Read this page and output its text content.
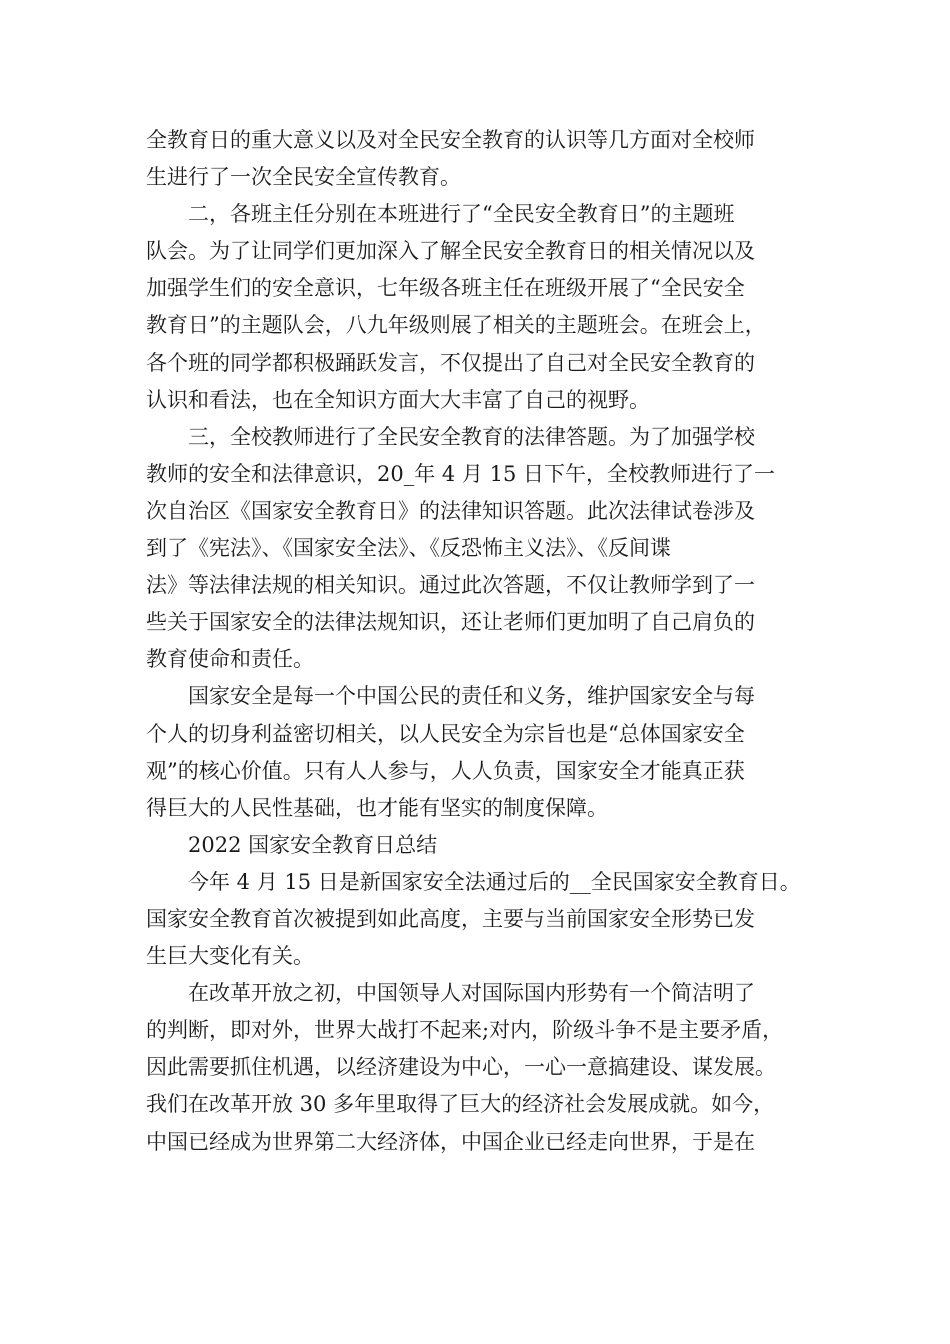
全教育日的重大意义以及对全民安全教育的认识等几方面对全校师
生进行了一次全民安全宣传教育。
二，各班主任分别在本班进行了“全民安全教育日”的主题班
队会。为了让同学们更加深入了解全民安全教育日的相关情况以及
加强学生们的安全意识，七年级各班主任在班级开展了“全民安全
教育日”的主题队会，八九年级则展了相关的主题班会。在班会上，
各个班的同学都积极踊跃发言，不仅提出了自己对全民安全教育的
认识和看法，也在全知识方面大大丰富了自己的视野。
三，全校教师进行了全民安全教育的法律答题。为了加强学校
教师的安全和法律意识，20_年 4 月 15 日下午，全校教师进行了一
次自治区《国家安全教育日》的法律知识答题。此次法律试卷涉及
到了《宪法》、《国家安全法》、《反恐怖主义法》、《反间谍
法》等法律法规的相关知识。通过此次答题，不仅让教师学到了一
些关于国家安全的法律法规知识，还让老师们更加明了自己肩负的
教育使命和责任。
国家安全是每一个中国公民的责任和义务，维护国家安全与每
个人的切身利益密切相关，以人民安全为宗旨也是“总体国家安全
观”的核心价值。只有人人参与，人人负责，国家安全才能真正获
得巨大的人民性基础，也才能有坚实的制度保障。
2022 国家安全教育日总结
今年 4 月 15 日是新国家安全法通过后的__全民国家安全教育日。
国家安全教育首次被提到如此高度，主要与当前国家安全形势已发
生巨大变化有关。
在改革开放之初，中国领导人对国际国内形势有一个简洁明了
的判断，即对外，世界大战打不起来;对内，阶级斗争不是主要矛盾，
因此需要抓住机遇，以经济建设为中心，一心一意搞建设、谋发展。
我们在改革开放 30 多年里取得了巨大的经济社会发展成就。如今，
中国已经成为世界第二大经济体，中国企业已经走向世界，于是在
